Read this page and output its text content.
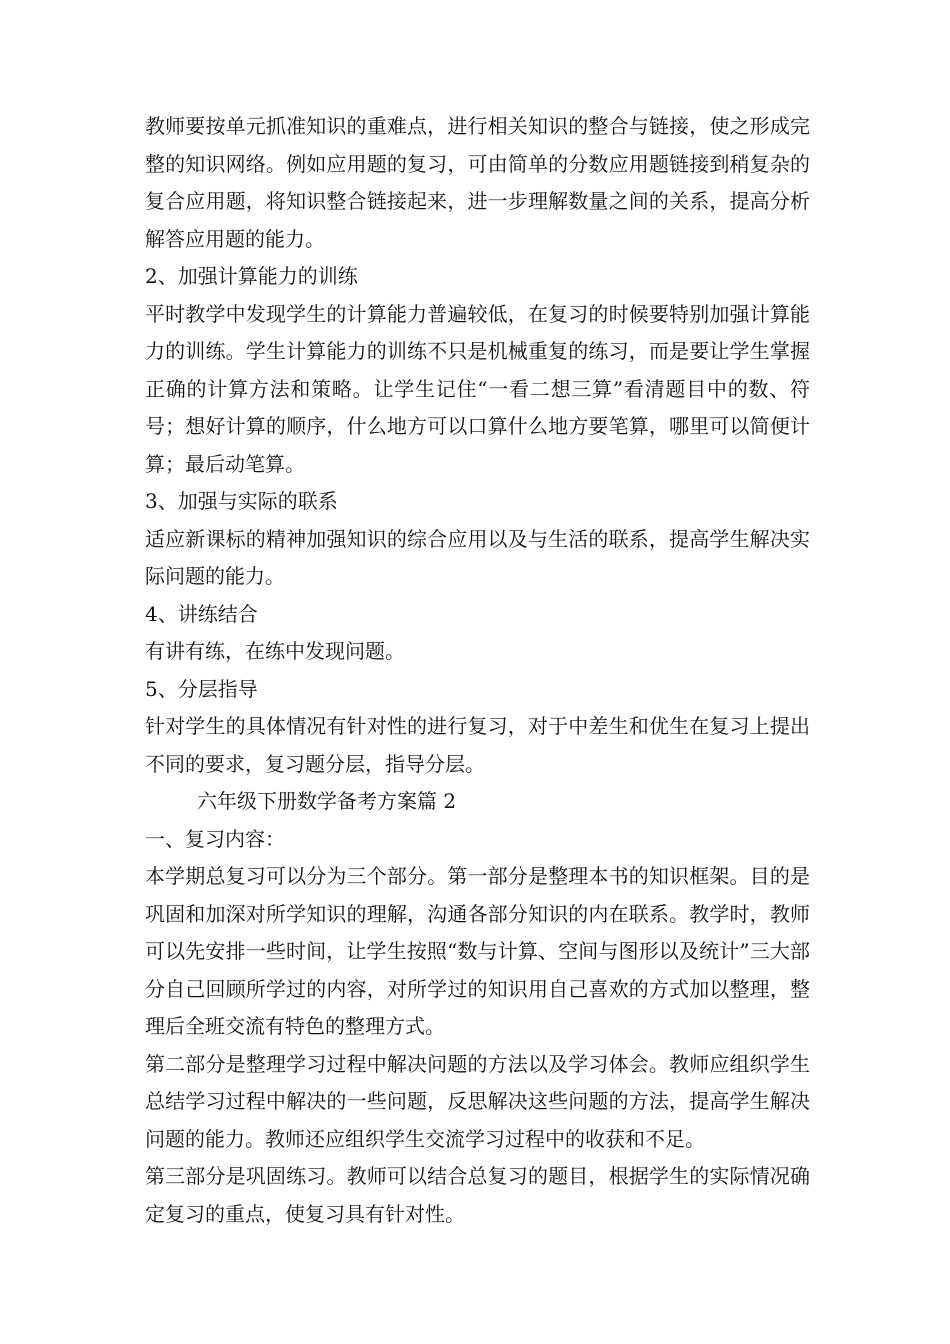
教师要按单元抓准知识的重难点，进行相关知识的整合与链接，使之形成完整的知识网络。例如应用题的复习，可由简单的分数应用题链接到稍复杂的复合应用题，将知识整合链接起来，进一步理解数量之间的关系，提高分析解答应用题的能力。

2、加强计算能力的训练

平时教学中发现学生的计算能力普遍较低，在复习的时候要特别加强计算能力的训练。学生计算能力的训练不只是机械重复的练习，而是要让学生掌握正确的计算方法和策略。让学生记住“一看二想三算”看清题目中的数、符号；想好计算的顺序，什么地方可以口算什么地方要笔算，哪里可以简便计算；最后动笔算。

3、加强与实际的联系

适应新课标的精神加强知识的综合应用以及与生活的联系，提高学生解决实际问题的能力。

4、讲练结合

有讲有练，在练中发现问题。

5、分层指导

针对学生的具体情况有针对性的进行复习，对于中差生和优生在复习上提出不同的要求，复习题分层，指导分层。

六年级下册数学备考方案篇 2

一、复习内容：

本学期总复习可以分为三个部分。第一部分是整理本书的知识框架。目的是巩固和加深对所学知识的理解，沟通各部分知识的内在联系。教学时，教师可以先安排一些时间，让学生按照“数与计算、空间与图形以及统计”三大部分自己回顾所学过的内容，对所学过的知识用自己喜欢的方式加以整理，整理后全班交流有特色的整理方式。

第二部分是整理学习过程中解决问题的方法以及学习体会。教师应组织学生总结学习过程中解决的一些问题，反思解决这些问题的方法，提高学生解决问题的能力。教师还应组织学生交流学习过程中的收获和不足。

第三部分是巩固练习。教师可以结合总复习的题目，根据学生的实际情况确定复习的重点，使复习具有针对性。
